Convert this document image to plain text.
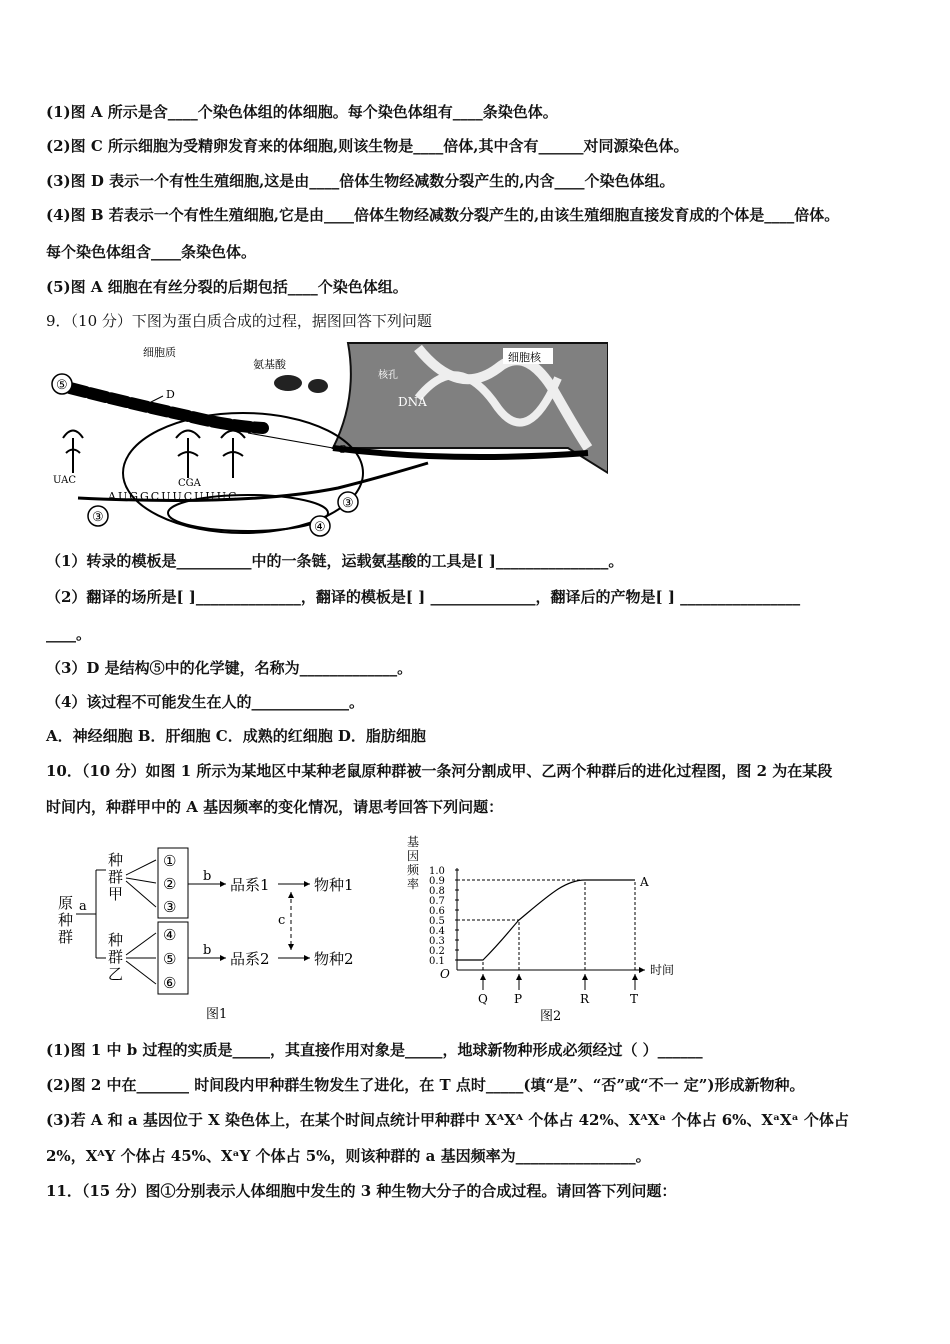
(1)图 A 所示是含____个染色体组的体细胞。每个染色体组有____条染色体。
(2)图 C 所示细胞为受精卵发育来的体细胞,则该生物是____倍体,其中含有______对同源染色体。
(3)图 D 表示一个有性生殖细胞,这是由____倍体生物经减数分裂产生的,内含____个染色体组。
(4)图 B 若表示一个有性生殖细胞,它是由____倍体生物经减数分裂产生的,由该生殖细胞直接发育成的个体是____倍体。
每个染色体组含____条染色体。
(5)图 A 细胞在有丝分裂的后期包括____个染色体组。
9．（10 分）下图为蛋白质合成的过程，据图回答下列问题
细胞质
氨基酸
细胞核
核孔
DNA
⑤
D
C
UAC	CGA
AUGGCUUCUUUC
③
③
④
（1）转录的模板是__________中的一条链，运载氨基酸的工具是[ ]_______________。
（2）翻译的场所是[ ]______________，翻译的模板是[ ] ______________，翻译后的产物是[ ] ________________
____。
（3）D 是结构⑤中的化学键，名称为_____________。
（4）该过程不可能发生在人的_____________。
A．神经细胞 B．肝细胞 C．成熟的红细胞 D．脂肪细胞
10．（10 分）如图 1 所示为某地区中某种老鼠原种群被一条河分割成甲、乙两个种群后的进化过程图，图 2 为在某段
时间内，种群甲中的 A 基因频率的变化情况，请思考回答下列问题：
原
种
群
a
种
群
甲
种
群
乙
①
②
③
④
⑤
⑥
b
b
品系1
品系2
物种1
物种2
c
图1
基
因
频
率
1.0
0.9
0.8
0.7
0.6
0.5
0.4
0.3
0.2
0.1
O	时间
A
Q P	R	T
图2
(1)图 1 中 b 过程的实质是_____，其直接作用对象是_____，地球新物种形成必须经过（ ）______
(2)图 2 中在_______ 时间段内甲种群生物发生了进化，在 T 点时_____(填“是”、“否”或“不一 定”)形成新物种。
(3)若 A 和 a 基因位于 X 染色体上，在某个时间点统计甲种群中 XᴬXᴬ 个体占 42%、XᴬXᵃ 个体占 6%、XᵃXᵃ 个体占
2%，XᴬY 个体占 45%、XᵃY 个体占 5%，则该种群的 a 基因频率为________________。
11．（15 分）图①分别表示人体细胞中发生的 3 种生物大分子的合成过程。请回答下列问题：
